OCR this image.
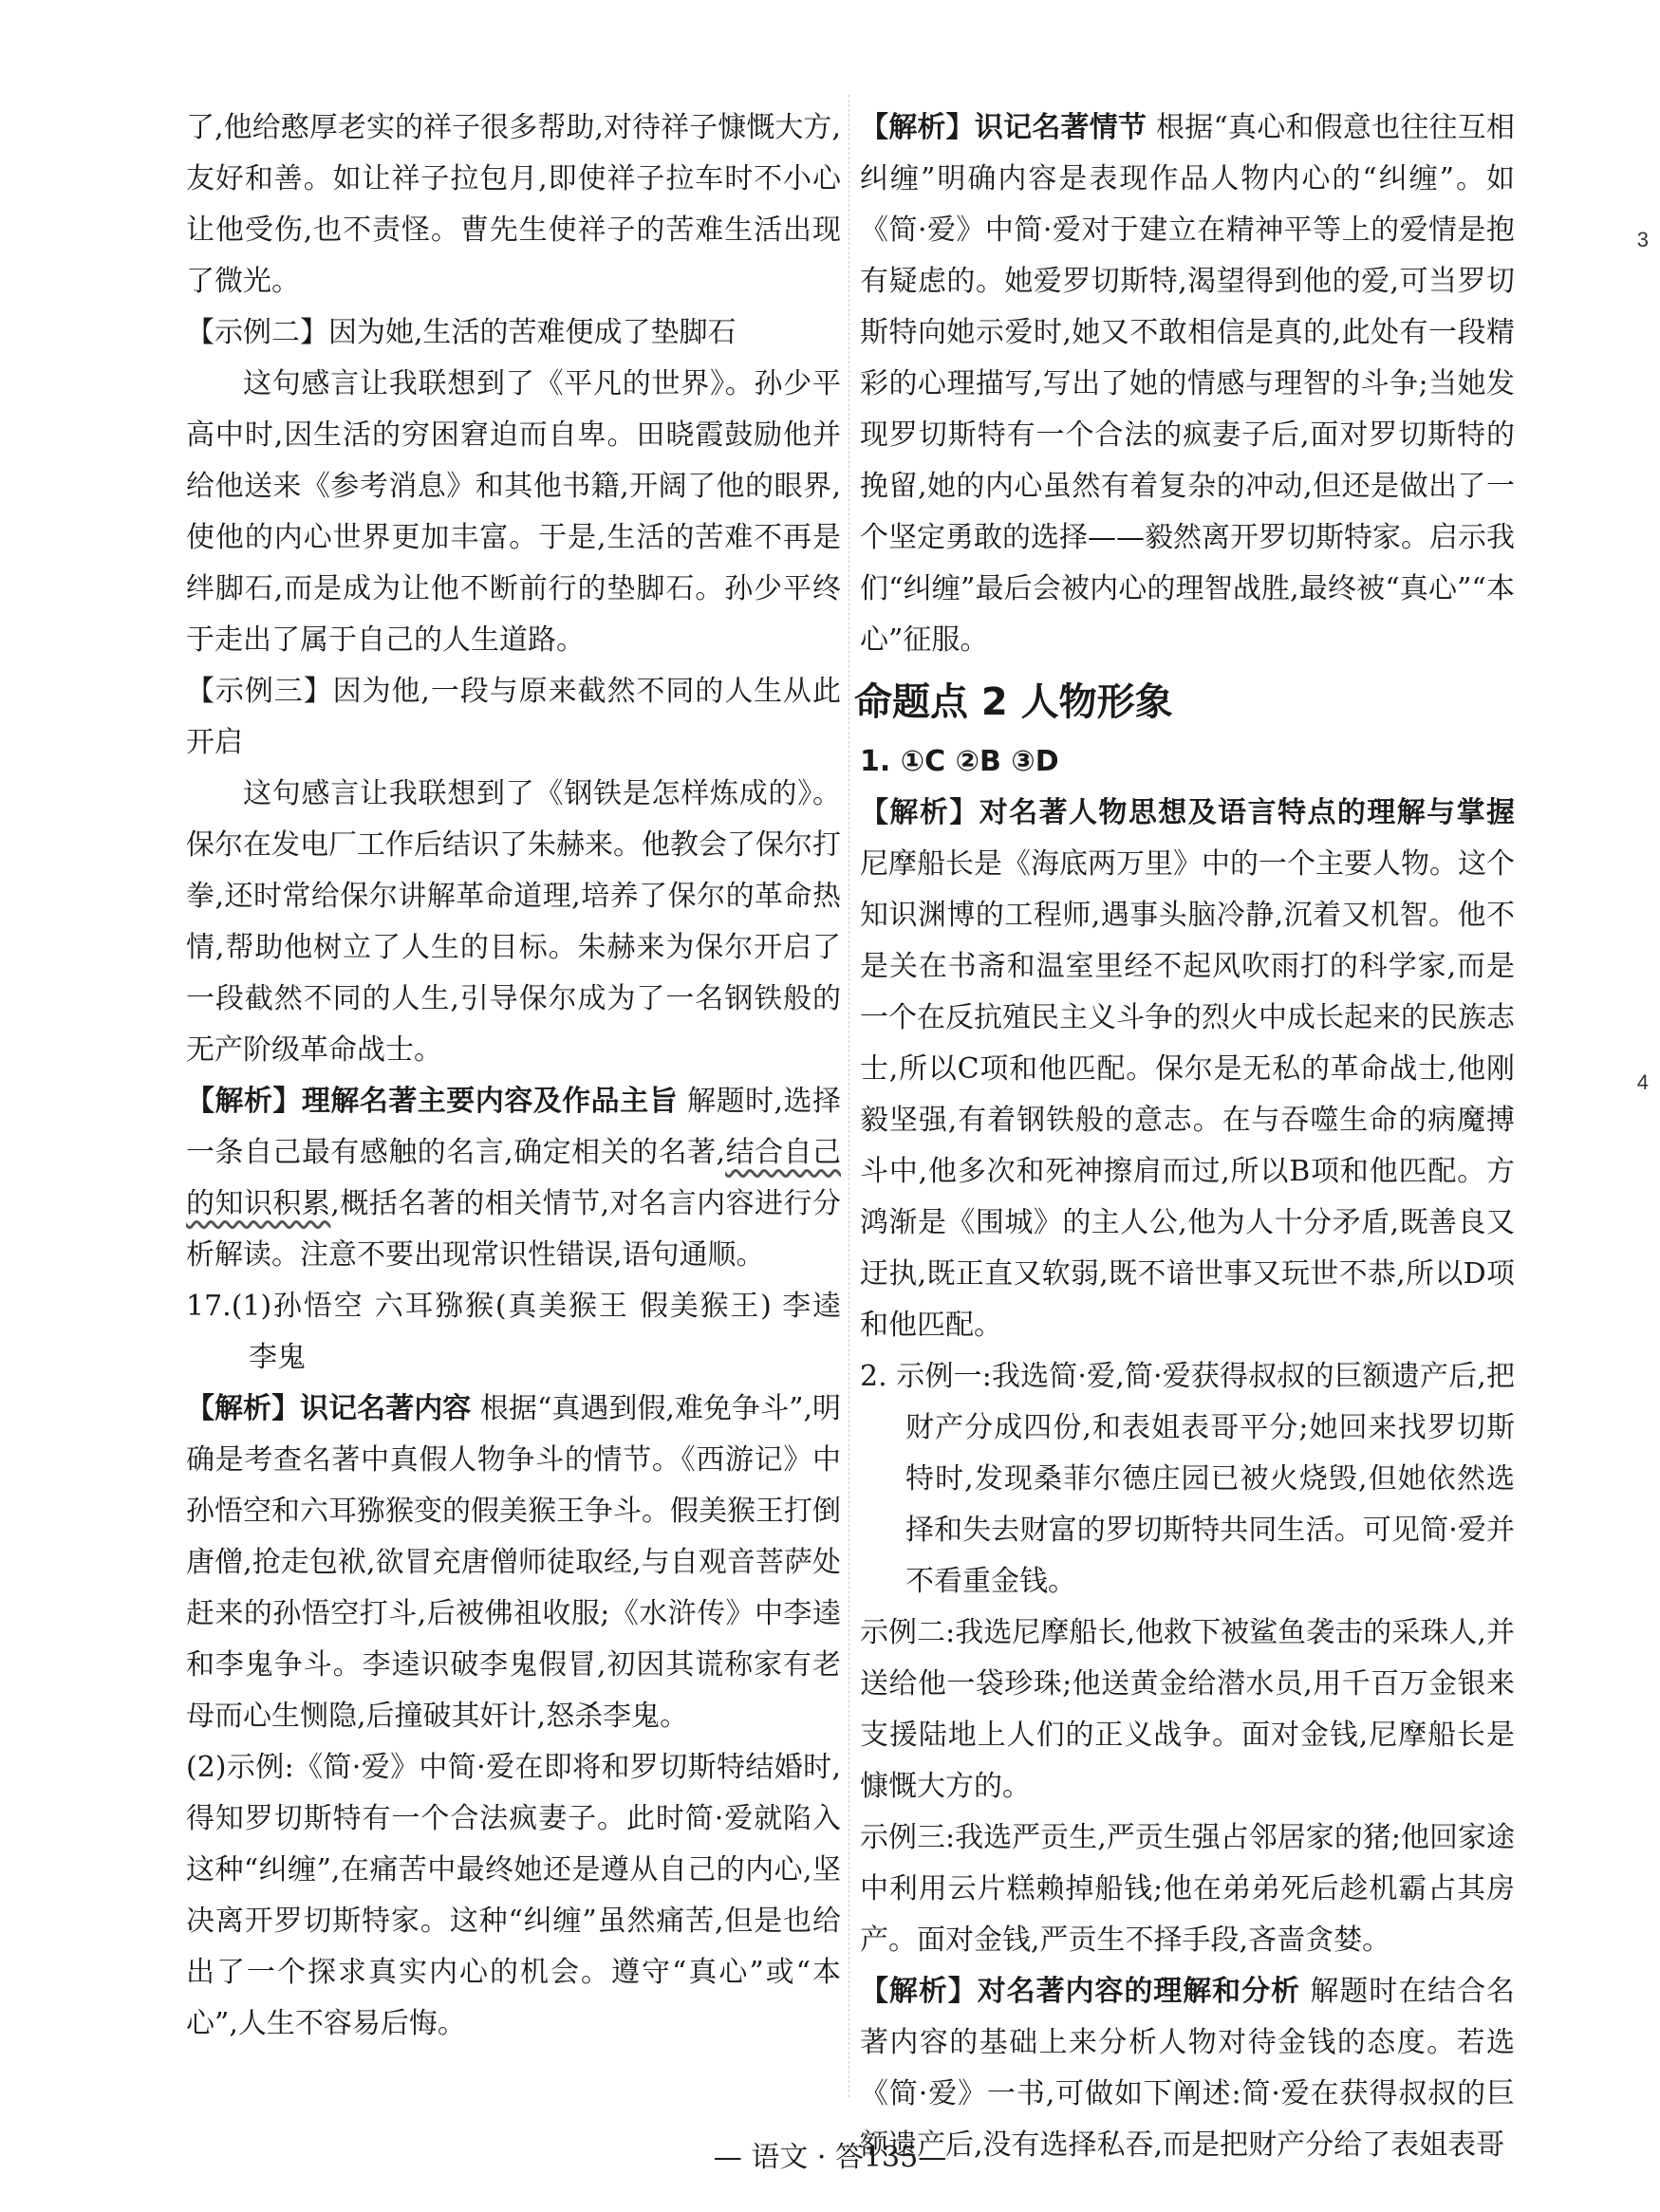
了,他给憨厚老实的祥子很多帮助,对待祥子慷慨大方,友好和善。如让祥子拉包月,即使祥子拉车时不小心让他受伤,也不责怪。曹先生使祥子的苦难生活出现了微光。

【示例二】因为她,生活的苦难便成了垫脚石

这句感言让我联想到了《平凡的世界》。孙少平高中时,因生活的穷困窘迫而自卑。田晓霞鼓励他并给他送来《参考消息》和其他书籍,开阔了他的眼界,使他的内心世界更加丰富。于是,生活的苦难不再是绊脚石,而是成为让他不断前行的垫脚石。孙少平终于走出了属于自己的人生道路。

【示例三】因为他,一段与原来截然不同的人生从此开启

这句感言让我联想到了《钢铁是怎样炼成的》。保尔在发电厂工作后结识了朱赫来。他教会了保尔打拳,还时常给保尔讲解革命道理,培养了保尔的革命热情,帮助他树立了人生的目标。朱赫来为保尔开启了一段截然不同的人生,引导保尔成为了一名钢铁般的无产阶级革命战士。

【解析】理解名著主要内容及作品主旨 解题时,选择一条自己最有感触的名言,确定相关的名著,结合自己的知识积累,概括名著的相关情节,对名言内容进行分析解读。注意不要出现常识性错误,语句通顺。

17.(1)孙悟空 六耳猕猴(真美猴王 假美猴王) 李逵 李鬼

【解析】识记名著内容 根据“真遇到假,难免争斗”,明确是考查名著中真假人物争斗的情节。《西游记》中孙悟空和六耳猕猴变的假美猴王争斗。假美猴王打倒唐僧,抢走包袱,欲冒充唐僧师徒取经,与自观音菩萨处赶来的孙悟空打斗,后被佛祖收服;《水浒传》中李逵和李鬼争斗。李逵识破李鬼假冒,初因其谎称家有老母而心生恻隐,后撞破其奸计,怒杀李鬼。

(2)示例:《简·爱》中简·爱在即将和罗切斯特结婚时,得知罗切斯特有一个合法疯妻子。此时简·爱就陷入这种“纠缠”,在痛苦中最终她还是遵从自己的内心,坚决离开罗切斯特家。这种“纠缠”虽然痛苦,但是也给出了一个探求真实内心的机会。遵守“真心”或“本心”,人生不容易后悔。

【解析】识记名著情节 根据“真心和假意也往往互相纠缠”明确内容是表现作品人物内心的“纠缠”。如《简·爱》中简·爱对于建立在精神平等上的爱情是抱有疑虑的。她爱罗切斯特,渴望得到他的爱,可当罗切斯特向她示爱时,她又不敢相信是真的,此处有一段精彩的心理描写,写出了她的情感与理智的斗争;当她发现罗切斯特有一个合法的疯妻子后,面对罗切斯特的挽留,她的内心虽然有着复杂的冲动,但还是做出了一个坚定勇敢的选择——毅然离开罗切斯特家。启示我们“纠缠”最后会被内心的理智战胜,最终被“真心”“本心”征服。

命题点 2 人物形象

1. ①C ②B ③D

【解析】对名著人物思想及语言特点的理解与掌握 尼摩船长是《海底两万里》中的一个主要人物。这个知识渊博的工程师,遇事头脑冷静,沉着又机智。他不是关在书斋和温室里经不起风吹雨打的科学家,而是一个在反抗殖民主义斗争的烈火中成长起来的民族志士,所以C项和他匹配。保尔是无私的革命战士,他刚毅坚强,有着钢铁般的意志。在与吞噬生命的病魔搏斗中,他多次和死神擦肩而过,所以B项和他匹配。方鸿渐是《围城》的主人公,他为人十分矛盾,既善良又迂执,既正直又软弱,既不谙世事又玩世不恭,所以D项和他匹配。

2. 示例一:我选简·爱,简·爱获得叔叔的巨额遗产后,把财产分成四份,和表姐表哥平分;她回来找罗切斯特时,发现桑菲尔德庄园已被火烧毁,但她依然选择和失去财富的罗切斯特共同生活。可见简·爱并不看重金钱。

示例二:我选尼摩船长,他救下被鲨鱼袭击的采珠人,并送给他一袋珍珠;他送黄金给潜水员,用千百万金银来支援陆地上人们的正义战争。面对金钱,尼摩船长是慷慨大方的。

示例三:我选严贡生,严贡生强占邻居家的猪;他回家途中利用云片糕赖掉船钱;他在弟弟死后趁机霸占其房产。面对金钱,严贡生不择手段,吝啬贪婪。

【解析】对名著内容的理解和分析 解题时在结合名著内容的基础上来分析人物对待金钱的态度。若选《简·爱》一书,可做如下阐述:简·爱在获得叔叔的巨额遗产后,没有选择私吞,而是把财产分给了表姐表哥

3
4
— 语文 · 答135—
